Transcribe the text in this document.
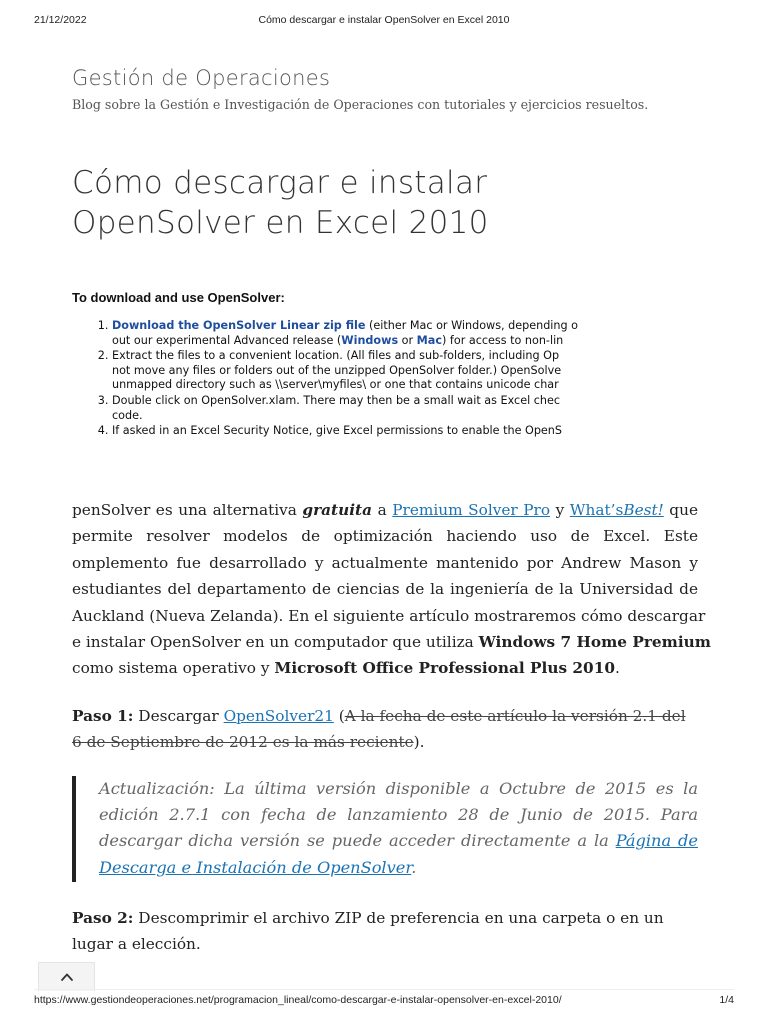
21/12/2022	Cómo descargar e instalar OpenSolver en Excel 2010
Gestión de Operaciones
Blog sobre la Gestión e Investigación de Operaciones con tutoriales y ejercicios resueltos.
Cómo descargar e instalar
OpenSolver en Excel 2010
To download and use OpenSolver:
1. Download the OpenSolver Linear zip file (either Mac or Windows, depending o
out our experimental Advanced release (Windows or Mac) for access to non-lin
2. Extract the files to a convenient location. (All files and sub-folders, including Op
not move any files or folders out of the unzipped OpenSolver folder.) OpenSolve
unmapped directory such as \\server\myfiles\ or one that contains unicode char
3. Double click on OpenSolver.xlam. There may then be a small wait as Excel chec
code.
4. If asked in an Excel Security Notice, give Excel permissions to enable the OpenS
penSolver es una alternativa gratuita a Premium Solver Pro y What’sBest! que
permite resolver modelos de optimización haciendo uso de Excel. Este
omplemento fue desarrollado y actualmente mantenido por Andrew Mason y
estudiantes del departamento de ciencias de la ingeniería de la Universidad de
Auckland (Nueva Zelanda). En el siguiente artículo mostraremos cómo descargar
e instalar OpenSolver en un computador que utiliza Windows 7 Home Premium
como sistema operativo y Microsoft Office Professional Plus 2010.
Paso 1: Descargar OpenSolver21 (A la fecha de este artículo la versión 2.1 del 6 de Septiembre de 2012 es la más reciente).
Actualización: La última versión disponible a Octubre de 2015 es la
edición 2.7.1 con fecha de lanzamiento 28 de Junio de 2015. Para
descargar dicha versión se puede acceder directamente a la Página de
Descarga e Instalación de OpenSolver.
Paso 2: Descomprimir el archivo ZIP de preferencia en una carpeta o en un lugar a elección.
https://www.gestiondeoperaciones.net/programacion_lineal/como-descargar-e-instalar-opensolver-en-excel-2010/	1/4
